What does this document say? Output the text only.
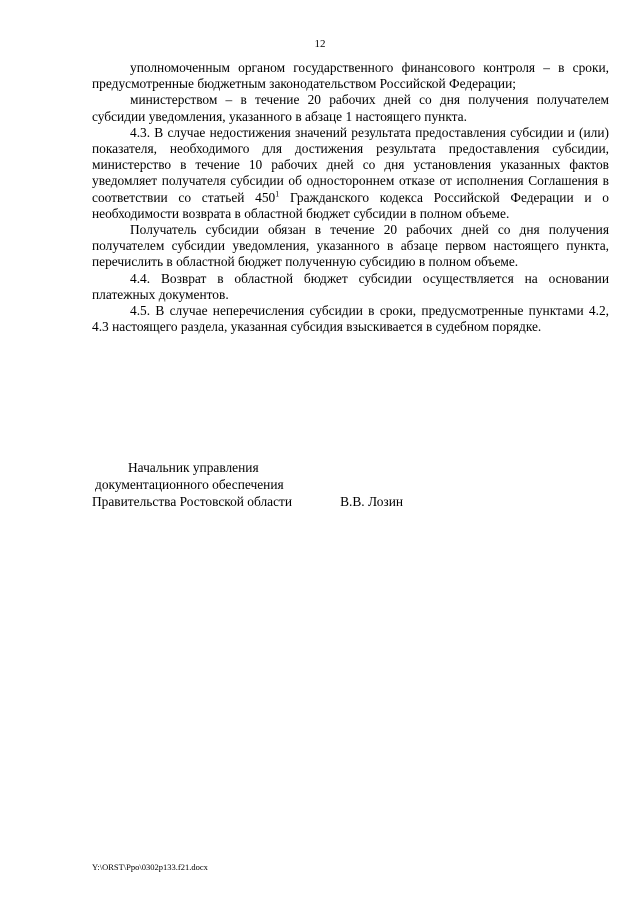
12

уполномоченным органом государственного финансового контроля – в сроки, предусмотренные бюджетным законодательством Российской Федерации;

министерством – в течение 20 рабочих дней со дня получения получателем субсидии уведомления, указанного в абзаце 1 настоящего пункта.

4.3. В случае недостижения значений результата предоставления субсидии и (или) показателя, необходимого для достижения результата предоставления субсидии, министерство в течение 10 рабочих дней со дня установления указанных фактов уведомляет получателя субсидии об одностороннем отказе от исполнения Соглашения в соответствии со статьей $450^1$ Гражданского кодекса Российской Федерации и о необходимости возврата в областной бюджет субсидии в полном объеме.

Получатель субсидии обязан в течение 20 рабочих дней со дня получения получателем субсидии уведомления, указанного в абзаце первом настоящего пункта, перечислить в областной бюджет полученную субсидию в полном объеме.

4.4. Возврат в областной бюджет субсидии осуществляется на основании платежных документов.

4.5. В случае неперечисления субсидии в сроки, предусмотренные пунктами 4.2, 4.3 настоящего раздела, указанная субсидия взыскивается в судебном порядке.

Начальник управления
документационного обеспечения
Правительства Ростовской области	В.В. Лозин
Y:\ORST\Ppo\0302p133.f21.docx
